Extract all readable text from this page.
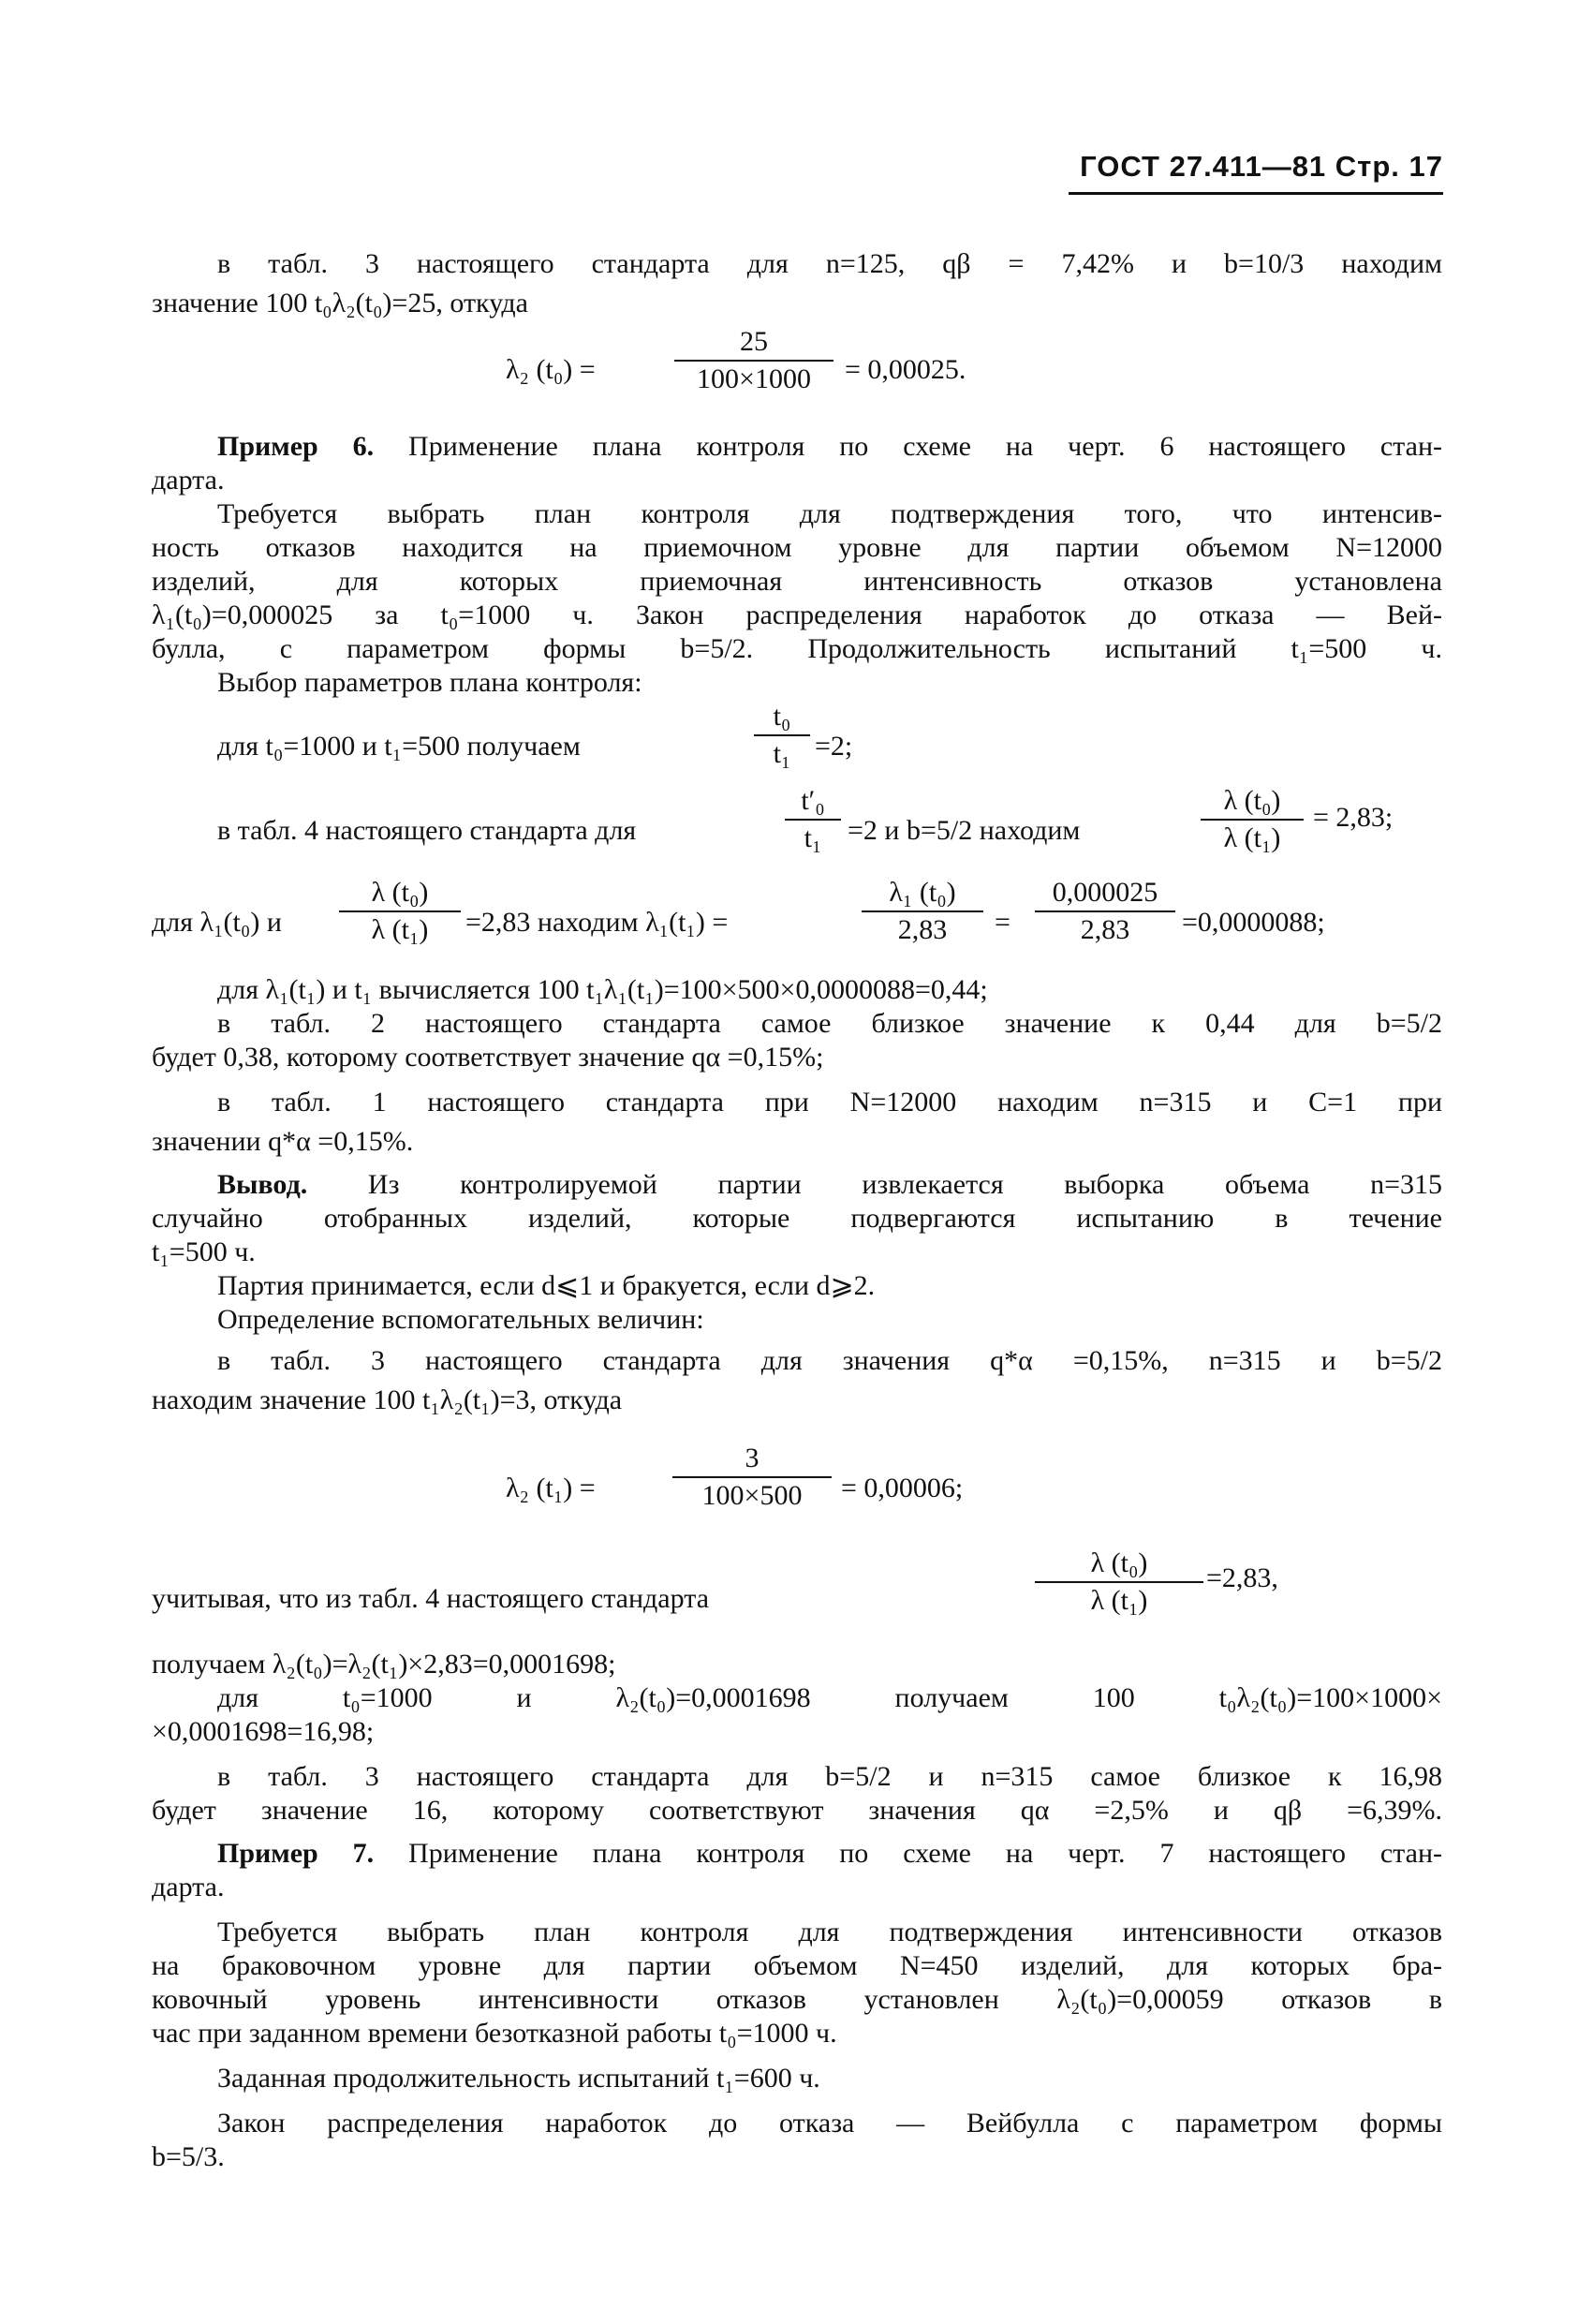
ГОСТ 27.411—81 Стр. 17
в табл. 3 настоящего стандарта для n=125, qβ = 7,42% и b=10/3 находим
значение 100 t₀λ₂(t₀)=25, откуда
λ₂ (t₀) =	$\frac{25}{100\times 1000} = 0,00025$.
Пример 6. Применение плана контроля по схеме на черт. 6 настоящего стан-
дарта.
Требуется выбрать план контроля для подтверждения того, что интенсив-
ность отказов находится на приемочном уровне для партии объемом N=12000
изделий, для которых приемочная интенсивность отказов установлена
λ₁(t₀)=0,000025 за t₀=1000 ч. Закон распределения наработок до отказа — Вей-
булла, с параметром формы b=5/2. Продолжительность испытаний t₁=500 ч.
Выбор параметров плана контроля:
для t₀=1000 и t₁=500 получаем	$\frac{\text{t₀}}{\text{t₁}} =2$;
в табл. 4 настоящего стандарта для	$\frac{\text{t′₀}}{\text{t₁}} =2$ и b=5/2 находим	$\frac{\text{λ (t₀)}}{\text{λ (t₁)}} = 2,83$;
для λ₁(t₀) и $\frac{\text{λ (t₀)}}{\text{λ (t₁)}} =2,83$ находим λ₁(t₁) =	$\frac{\text{λ₁ (t₀)}}{2,83} = \frac{0,000025}{2,83} =0,0000088$;
для λ₁(t₁) и t₁ вычисляется 100 t₁λ₁(t₁)=100×500×0,0000088=0,44;
в табл. 2 настоящего стандарта самое близкое значение к 0,44 для b=5/2
будет 0,38, которому соответствует значение qα =0,15%;
в табл. 1 настоящего стандарта при N=12000 находим n=315 и C=1 при
значении q*α =0,15%.
Вывод. Из контролируемой партии извлекается выборка объема n=315
случайно отобранных изделий, которые подвергаются испытанию в течение
t₁=500 ч.
Партия принимается, если d⩽1 и бракуется, если d⩾2.
Определение вспомогательных величин:
в табл. 3 настоящего стандарта для значения q*α =0,15%, n=315 и b=5/2
находим значение 100 t₁λ₂(t₁)=3, откуда
λ₂ (t₁) =	$\frac{3}{100\times 500} = 0,00006$;
учитывая, что из табл. 4 настоящего стандарта	$\frac{\text{λ (t₀)}}{\text{λ (t₁)}} =2,83$,
получаем λ₂(t₀)=λ₂(t₁)×2,83=0,0001698;
для t₀=1000 и λ₂(t₀)=0,0001698 получаем 100 t₀λ₂(t₀)=100×1000×
×0,0001698=16,98;
в табл. 3 настоящего стандарта для b=5/2 и n=315 самое близкое к 16,98
будет значение 16, которому соответствуют значения qα =2,5% и qβ =6,39%.
Пример 7. Применение плана контроля по схеме на черт. 7 настоящего стан-
дарта.
Требуется выбрать план контроля для подтверждения интенсивности отказов
на браковочном уровне для партии объемом N=450 изделий, для которых бра-
ковочный уровень интенсивности отказов установлен λ₂(t₀)=0,00059 отказов в
час при заданном времени безотказной работы t₀=1000 ч.
Заданная продолжительность испытаний t₁=600 ч.
Закон распределения наработок до отказа — Вейбулла с параметром формы
b=5/3.
